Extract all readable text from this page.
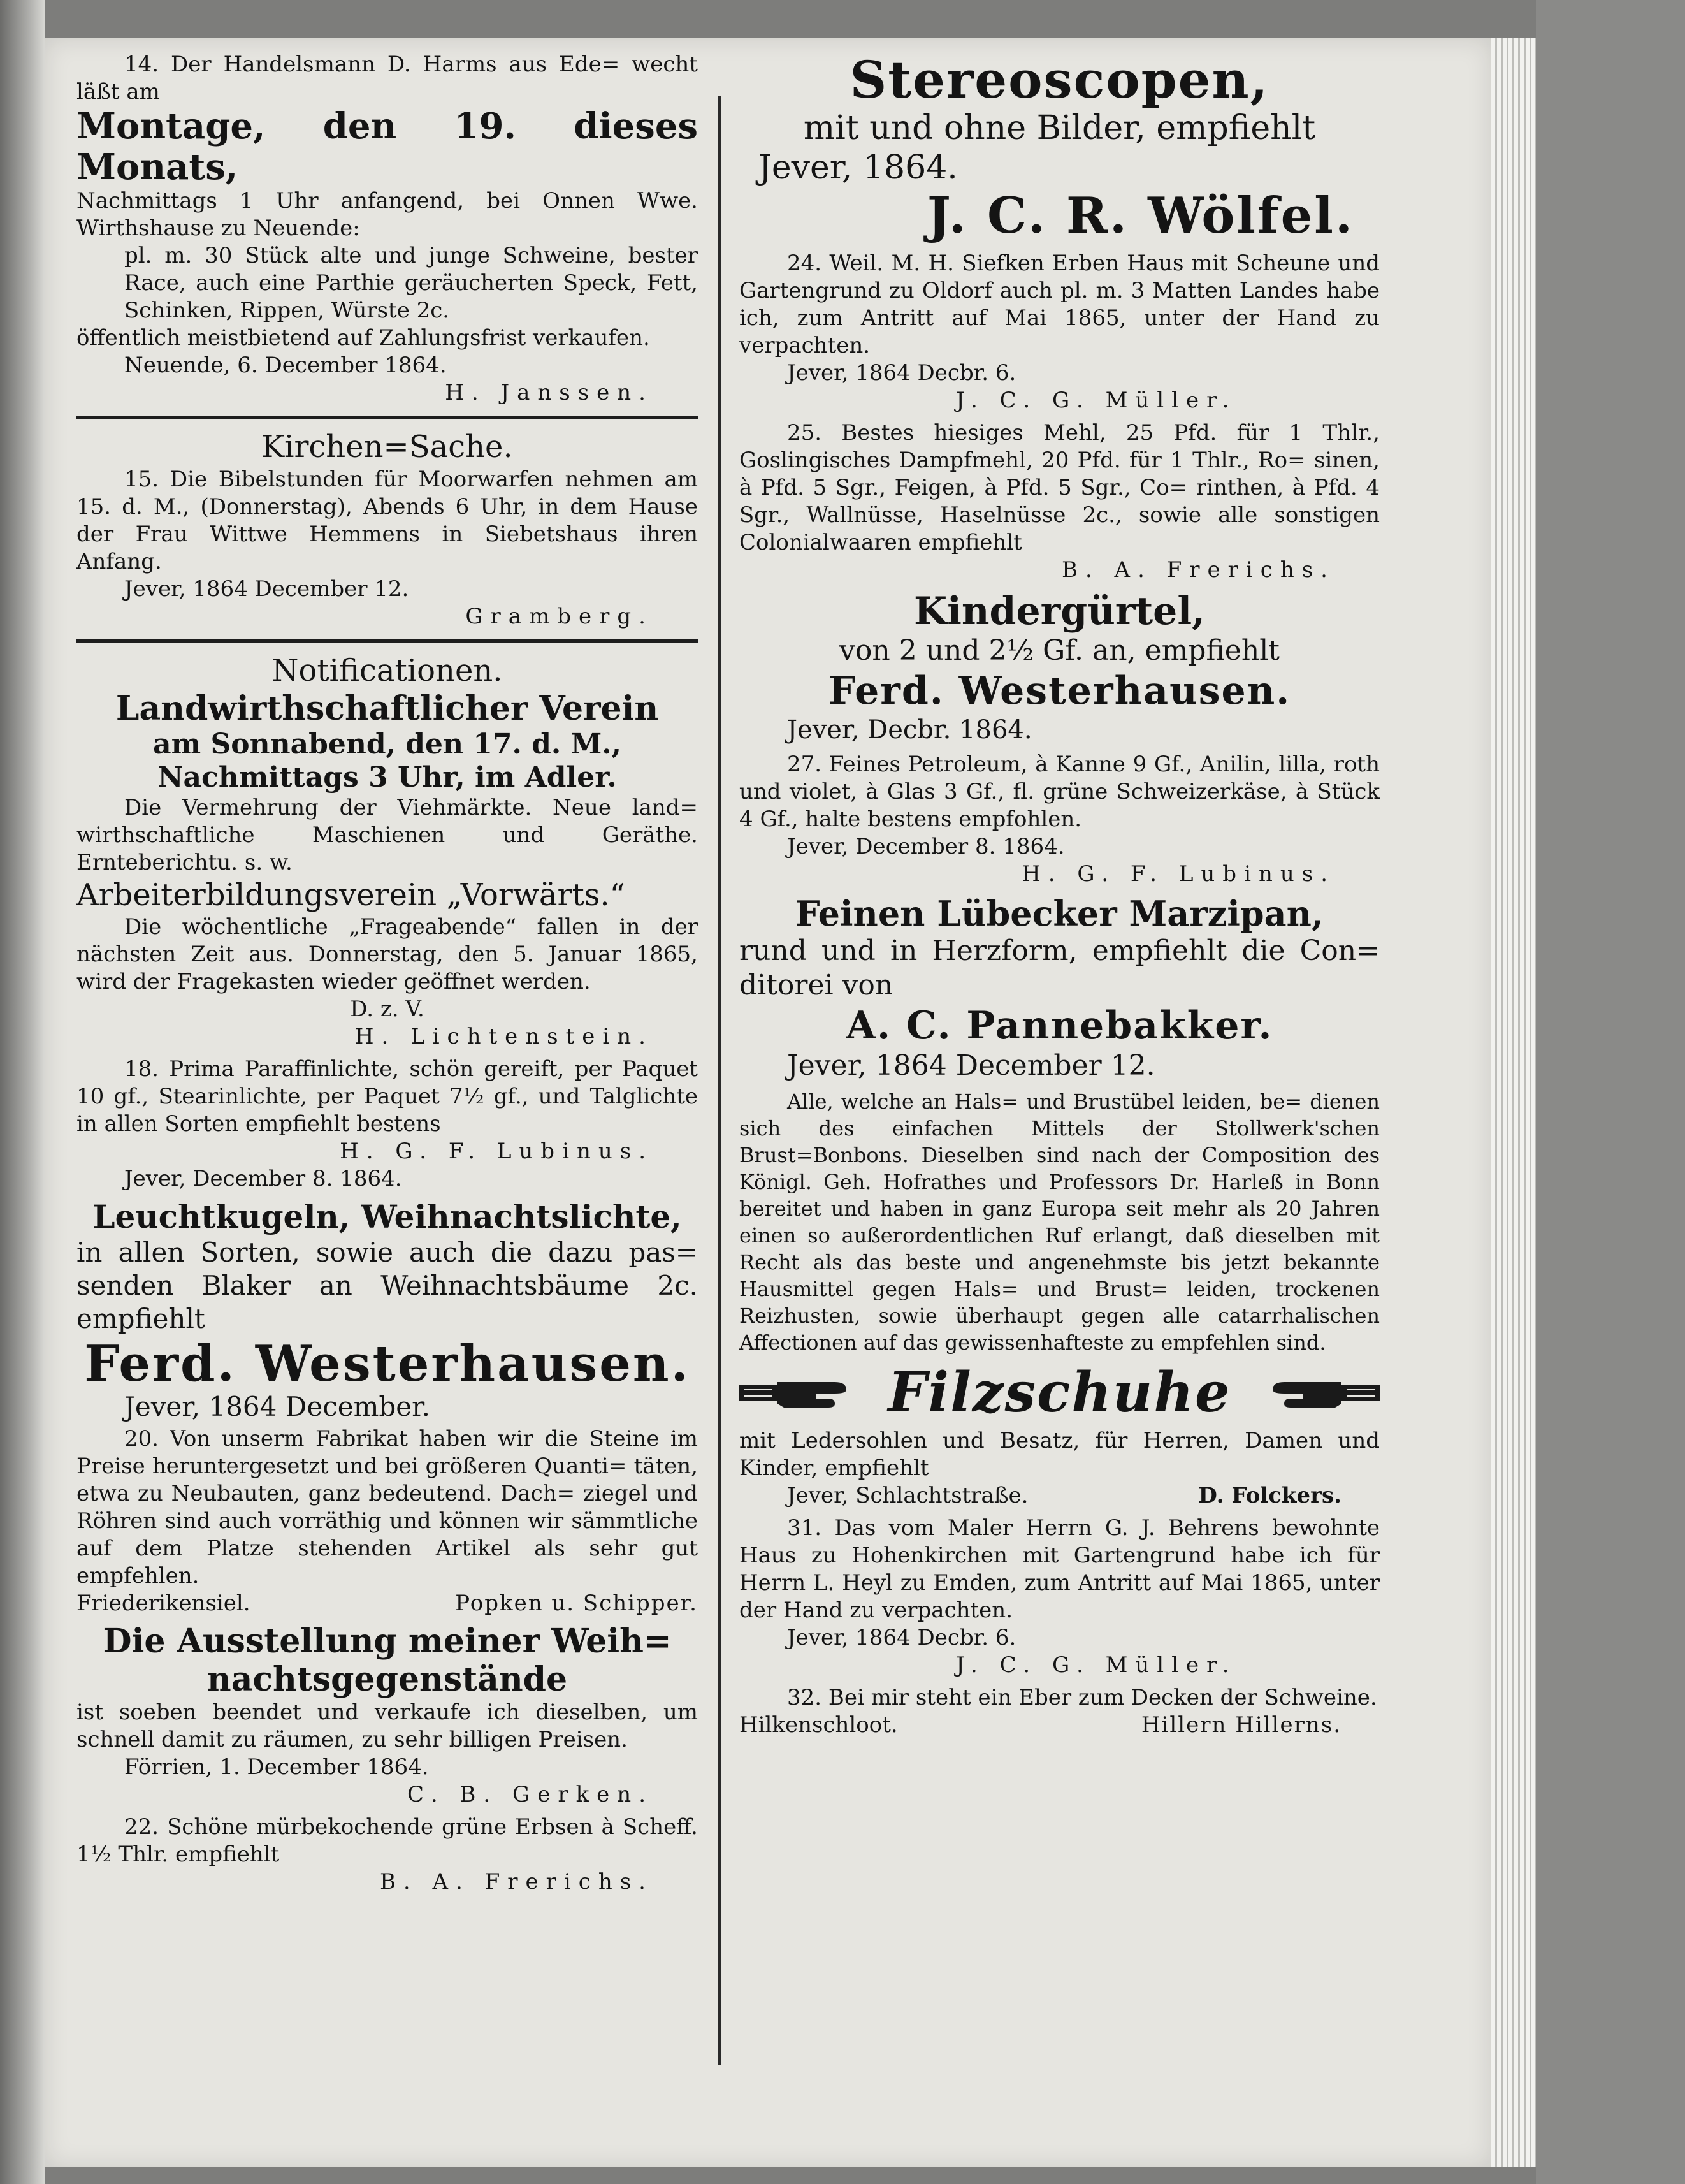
14. Der Handelsmann D. Harms aus Ede= wecht läßt am

Montage, den 19. dieses Monats,

Nachmittags 1 Uhr anfangend, bei Onnen Wwe. Wirthshause zu Neuende:

pl. m. 30 Stück alte und junge Schweine, bester Race, auch eine Parthie geräucherten Speck, Fett, Schinken, Rippen, Würste 2c.

öffentlich meistbietend auf Zahlungsfrist verkaufen.

Neuende, 6. December 1864.

H. Janssen.

Kirchen=Sache.

15. Die Bibelstunden für Moorwarfen nehmen am 15. d. M., (Donnerstag), Abends 6 Uhr, in dem Hause der Frau Wittwe Hemmens in Siebetshaus ihren Anfang.

Jever, 1864 December 12.

Gramberg.

Notificationen.

Landwirthschaftlicher Verein

am Sonnabend, den 17. d. M.,

Nachmittags 3 Uhr, im Adler.

Die Vermehrung der Viehmärkte. Neue land= wirthschaftliche Maschienen und Geräthe. Ernteberichtu. s. w.

Arbeiterbildungsverein „Vorwärts.“

Die wöchentliche „Frageabende“ fallen in der nächsten Zeit aus. Donnerstag, den 5. Januar 1865, wird der Fragekasten wieder geöffnet werden.

D. z. V.

H. Lichtenstein.

18. Prima Paraffinlichte, schön gereift, per Paquet 10 gf., Stearinlichte, per Paquet 7½ gf., und Talglichte in allen Sorten empfiehlt bestens

H. G. F. Lubinus.

Jever, December 8. 1864.

Leuchtkugeln, Weihnachtslichte,

in allen Sorten, sowie auch die dazu pas= senden Blaker an Weihnachtsbäume 2c. empfiehlt

Ferd. Westerhausen.

Jever, 1864 December.

20. Von unserm Fabrikat haben wir die Steine im Preise heruntergesetzt und bei größeren Quanti= täten, etwa zu Neubauten, ganz bedeutend. Dach= ziegel und Röhren sind auch vorräthig und können wir sämmtliche auf dem Platze stehenden Artikel als sehr gut empfehlen.

Friederikensiel.	Popken u. Schipper.

Die Ausstellung meiner Weih=

nachtsgegenstände

ist soeben beendet und verkaufe ich dieselben, um schnell damit zu räumen, zu sehr billigen Preisen.

Förrien, 1. December 1864.

C. B. Gerken.

22. Schöne mürbekochende grüne Erbsen à Scheff. 1½ Thlr. empfiehlt

B. A. Frerichs.

Stereoscopen,

mit und ohne Bilder, empfiehlt

Jever, 1864.

J. C. R. Wölfel.

24. Weil. M. H. Siefken Erben Haus mit Scheune und Gartengrund zu Oldorf auch pl. m. 3 Matten Landes habe ich, zum Antritt auf Mai 1865, unter der Hand zu verpachten.

Jever, 1864 Decbr. 6.

J. C. G. Müller.

25. Bestes hiesiges Mehl, 25 Pfd. für 1 Thlr., Goslingisches Dampfmehl, 20 Pfd. für 1 Thlr., Ro= sinen, à Pfd. 5 Sgr., Feigen, à Pfd. 5 Sgr., Co= rinthen, à Pfd. 4 Sgr., Wallnüsse, Haselnüsse 2c., sowie alle sonstigen Colonialwaaren empfiehlt

B. A. Frerichs.

Kindergürtel,

von 2 und 2½ Gf. an, empfiehlt

Ferd. Westerhausen.

Jever, Decbr. 1864.

27. Feines Petroleum, à Kanne 9 Gf., Anilin, lilla, roth und violet, à Glas 3 Gf., fl. grüne Schweizerkäse, à Stück 4 Gf., halte bestens empfohlen.

Jever, December 8. 1864.

H. G. F. Lubinus.

Feinen Lübecker Marzipan,

rund und in Herzform, empfiehlt die Con= ditorei von

A. C. Pannebakker.

Jever, 1864 December 12.

Alle, welche an Hals= und Brustübel leiden, be= dienen sich des einfachen Mittels der Stollwerk'schen Brust=Bonbons. Dieselben sind nach der Composition des Königl. Geh. Hofrathes und Professors Dr. Harleß in Bonn bereitet und haben in ganz Europa seit mehr als 20 Jahren einen so außerordentlichen Ruf erlangt, daß dieselben mit Recht als das beste und angenehmste bis jetzt bekannte Hausmittel gegen Hals= und Brust= leiden, trockenen Reizhusten, sowie überhaupt gegen alle catarrhalischen Affectionen auf das gewissenhafteste zu empfehlen sind.

Filzschuhe

mit Ledersohlen und Besatz, für Herren, Damen und Kinder, empfiehlt

Jever, Schlachtstraße.	D. Folckers.

31. Das vom Maler Herrn G. J. Behrens bewohnte Haus zu Hohenkirchen mit Gartengrund habe ich für Herrn L. Heyl zu Emden, zum Antritt auf Mai 1865, unter der Hand zu verpachten.

Jever, 1864 Decbr. 6.

J. C. G. Müller.

32. Bei mir steht ein Eber zum Decken der Schweine.

Hilkenschloot.	Hillern Hillerns.
